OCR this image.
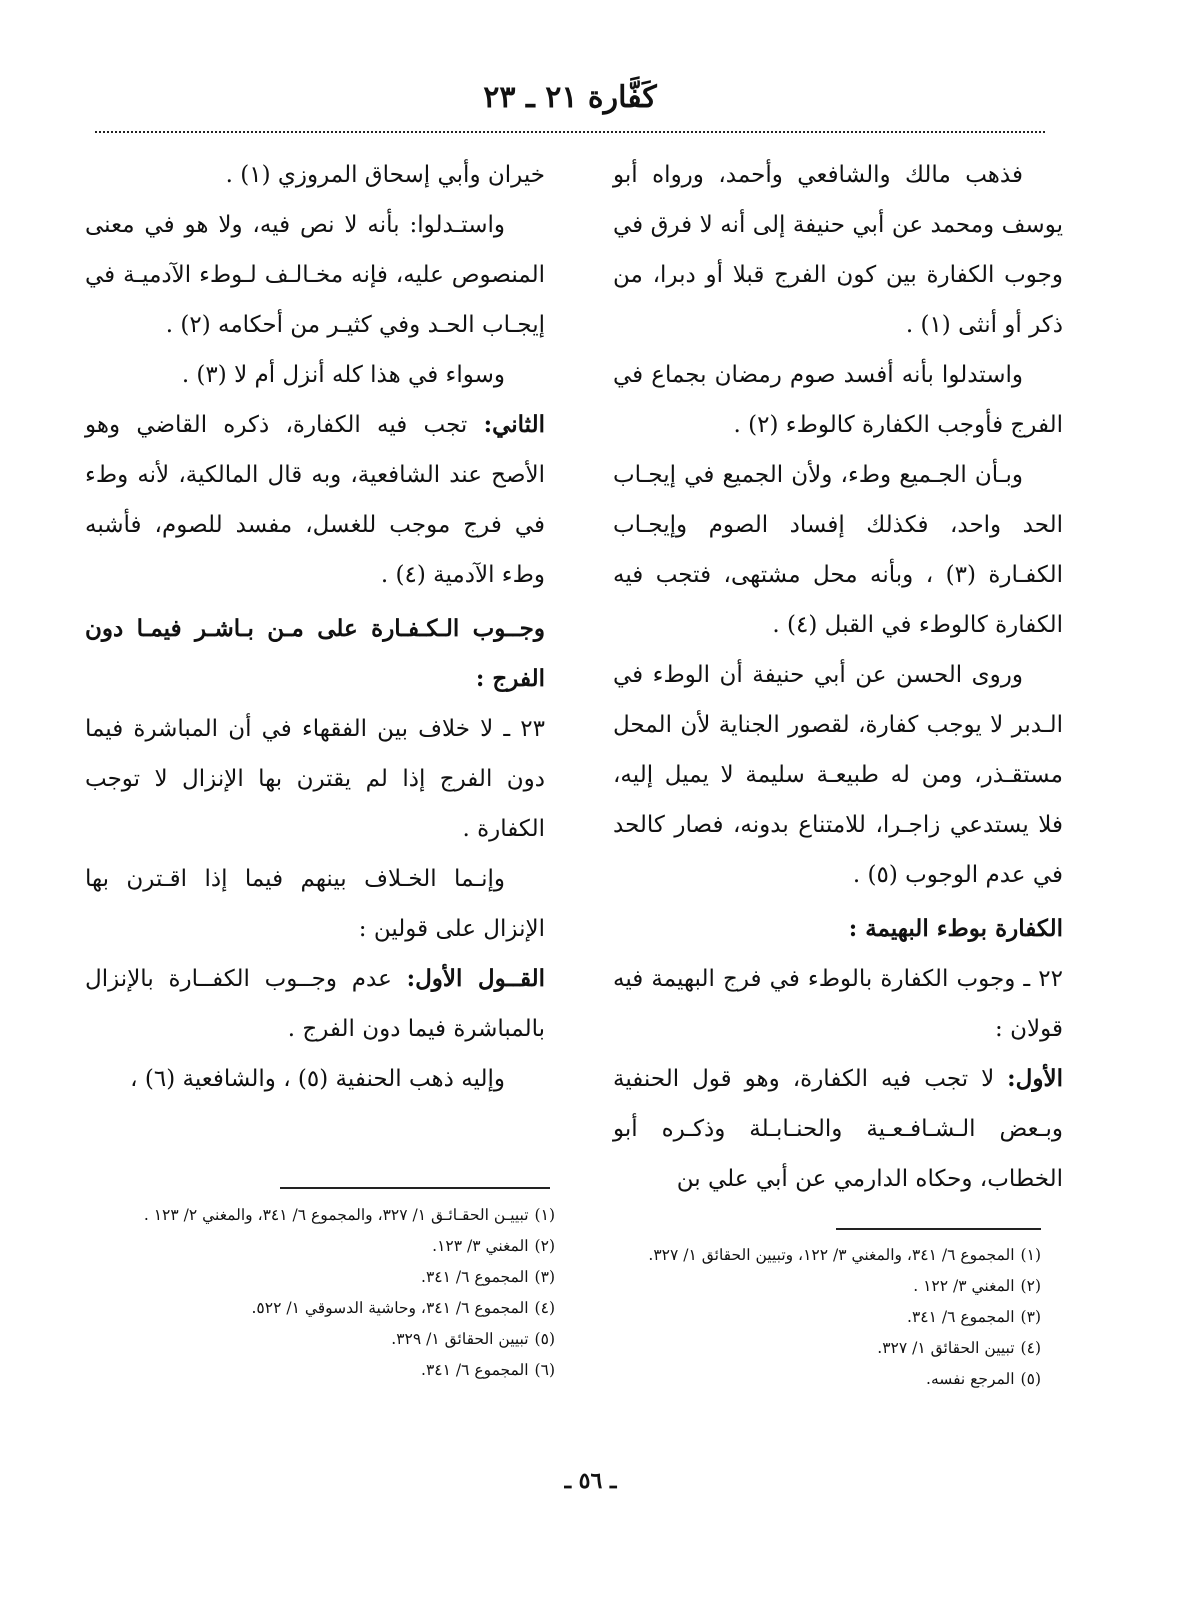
كَفَّارة ٢١ ـ ٢٣

فذهب مالك والشافعي وأحمد، ورواه أبو يوسف ومحمد عن أبي حنيفة إلى أنه لا فرق في وجوب الكفارة بين كون الفرج قبلا أو دبرا، من ذكر أو أنثى (١) .

واستدلوا بأنه أفسد صوم رمضان بجماع في الفرج فأوجب الكفارة كالوطء (٢) .

وبـأن الجـميع وطء، ولأن الجميع في إيجـاب الحد واحد، فكذلك إفساد الصوم وإيجـاب الكفـارة (٣) ، وبأنه محل مشتهى، فتجب فيه الكفارة كالوطء في القبل (٤) .

وروى الحسن عن أبي حنيفة أن الوطء في الـدبر لا يوجب كفارة، لقصور الجناية لأن المحل مستقـذر، ومن له طبيعـة سليمة لا يميل إليه، فلا يستدعي زاجـرا، للامتناع بدونه، فصار كالحد في عدم الوجوب (٥) .

الكفارة بوطء البهيمة :

٢٢ ـ وجوب الكفارة بالوطء في فرج البهيمة فيه قولان :

الأول: لا تجب فيه الكفارة، وهو قول الحنفية وبـعض الـشـافـعـية والحنـابـلة وذكـره أبو الخطاب، وحكاه الدارمي عن أبي علي بن

خيران وأبي إسحاق المروزي (١) .

واستـدلوا: بأنه لا نص فيه، ولا هو في معنى المنصوص عليه، فإنه مخـالـف لـوطء الآدميـة في إيجـاب الحـد وفي كثيـر من أحكامه (٢) .

وسواء في هذا كله أنزل أم لا (٣) .

الثاني: تجب فيه الكفارة، ذكره القاضي وهو الأصح عند الشافعية، وبه قال المالكية، لأنه وطء في فرج موجب للغسل، مفسد للصوم، فأشبه وطء الآدمية (٤) .

وجــوب الـكـفـارة على مـن بـاشـر فيمـا دون الفرج :

٢٣ ـ لا خلاف بين الفقهاء في أن المباشرة فيما دون الفرج إذا لم يقترن بها الإنزال لا توجب الكفارة .

وإنـما الخـلاف بينهم فيما إذا اقـترن بها الإنزال على قولين :

القــول الأول: عدم وجــوب الكفــارة بالإنزال بالمباشرة فيما دون الفرج .

وإليه ذهب الحنفية (٥) ، والشافعية (٦) ،

(١)المجموع ٦/ ٣٤١، والمغني ٣/ ١٢٢، وتبيين الحقائق ١/ ٣٢٧.

(٢)المغني ٣/ ١٢٢ .

(٣)المجموع ٦/ ٣٤١.

(٤)تبيين الحقائق ١/ ٣٢٧.

(٥)المرجع نفسه.

(١)تبييـن الحقـائـق ١/ ٣٢٧، والمجموع ٦/ ٣٤١، والمغني ٢/ ١٢٣ .

(٢)المغني ٣/ ١٢٣.

(٣)المجموع ٦/ ٣٤١.

(٤)المجموع ٦/ ٣٤١، وحاشية الدسوقي ١/ ٥٢٢.

(٥)تبيين الحقائق ١/ ٣٢٩.

(٦)المجموع ٦/ ٣٤١.

ـ ٥٦ ـ
